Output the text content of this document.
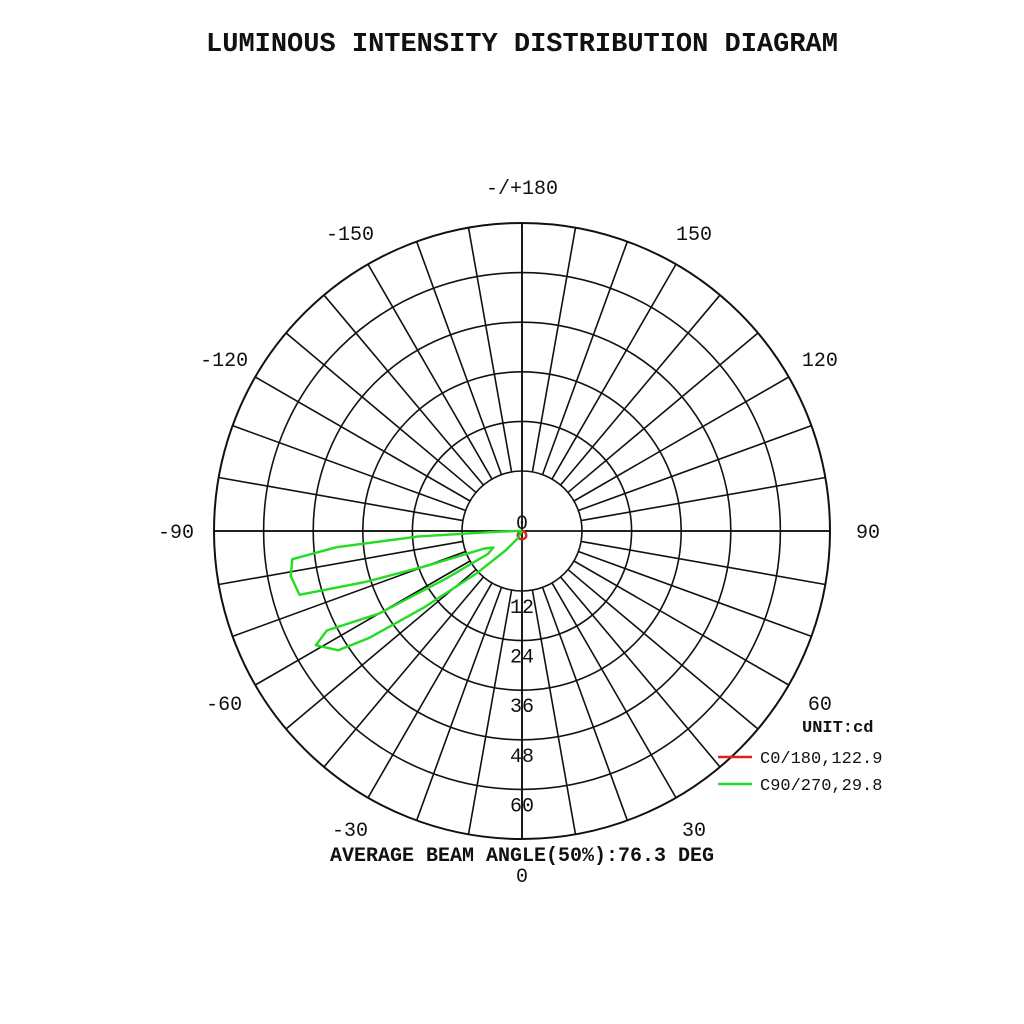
LUMINOUS INTENSITY DISTRIBUTION DIAGRAM
-/+180
150
-150
120
-120
90
-90
60
-60
30
-30
0
0
12
24
36
48
60
UNIT:cd
C0/180,122.9
C90/270,29.8
AVERAGE BEAM ANGLE(50%):76.3 DEG
